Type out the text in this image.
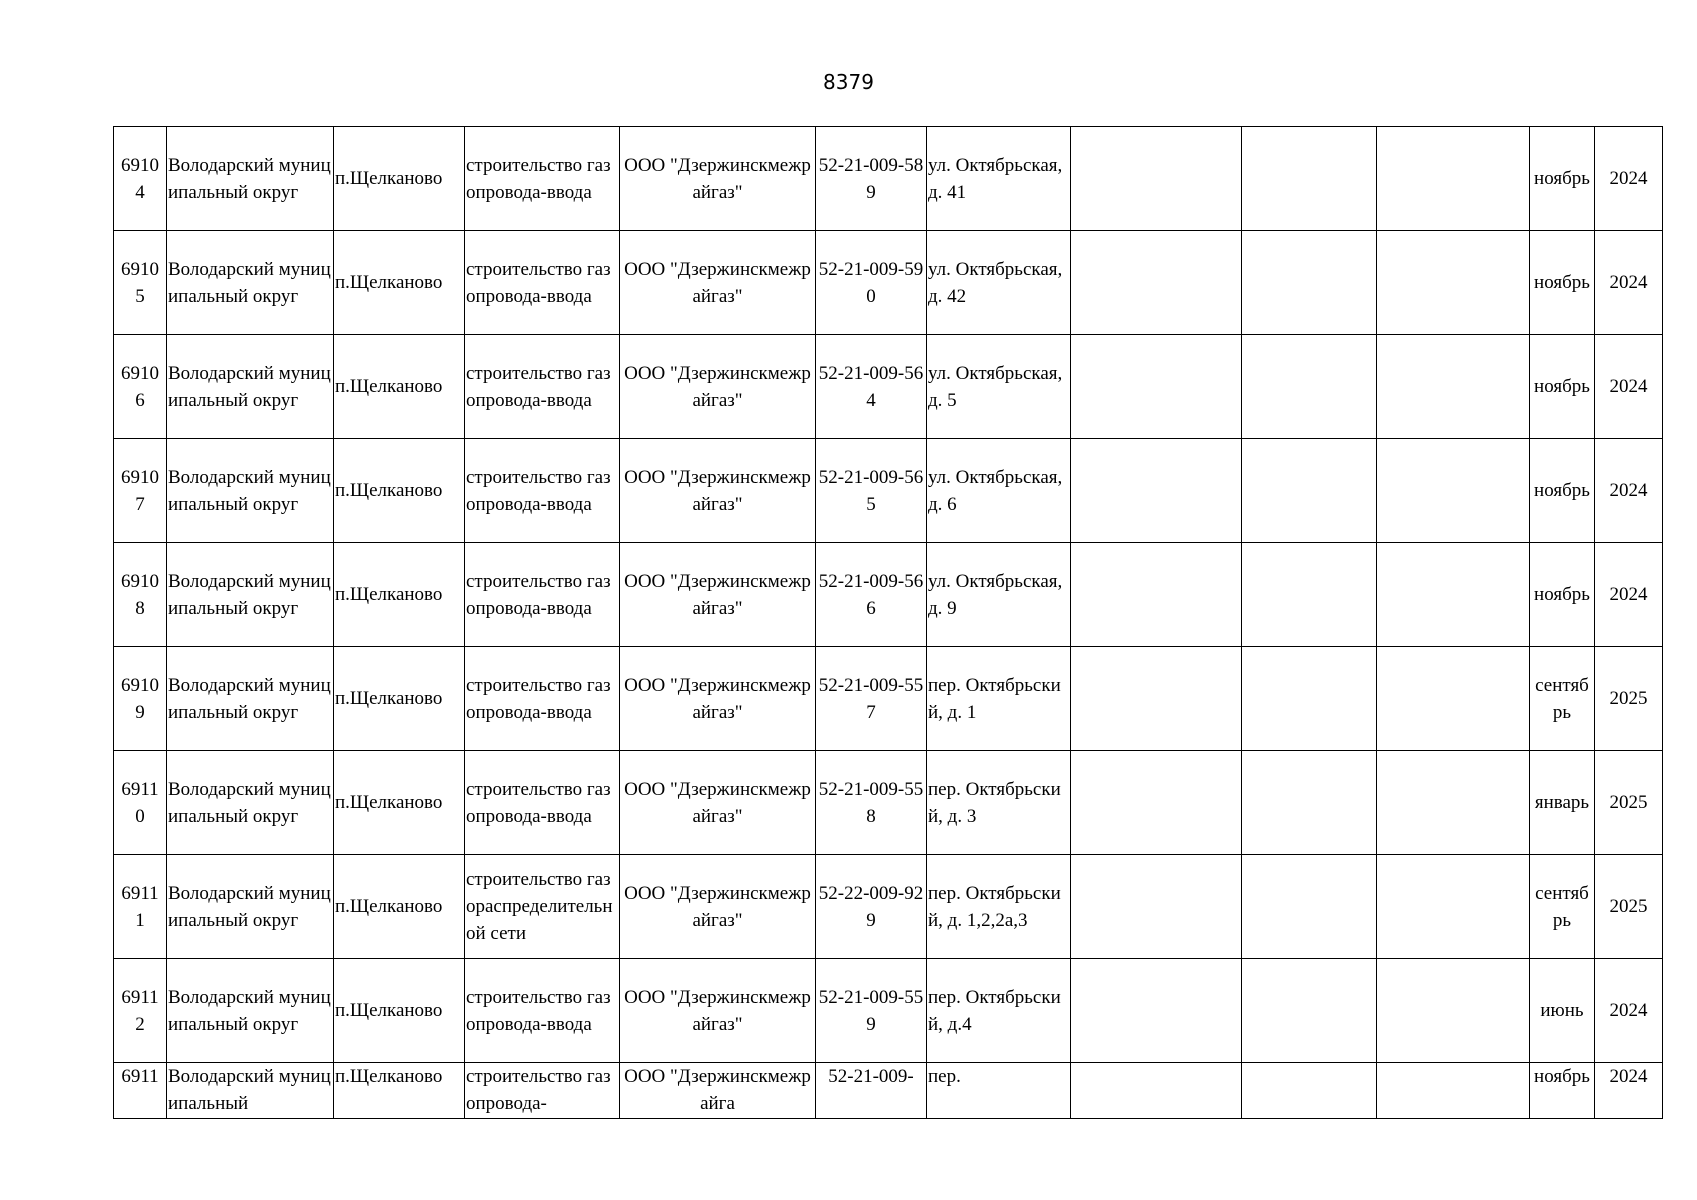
8379
6910 4	Володарский муниципальный округ	п.Щелканово	строительство газопровода-ввода	ООО "Дзержинскмежрайгаз"	52-21-009-589	ул. Октябрьская, д. 41				ноябрь	2024
6910 5	Володарский муниципальный округ	п.Щелканово	строительство газопровода-ввода	ООО "Дзержинскмежрайгаз"	52-21-009-590	ул. Октябрьская, д. 42				ноябрь	2024
6910 6	Володарский муниципальный округ	п.Щелканово	строительство газопровода-ввода	ООО "Дзержинскмежрайгаз"	52-21-009-564	ул. Октябрьская, д. 5				ноябрь	2024
6910 7	Володарский муниципальный округ	п.Щелканово	строительство газопровода-ввода	ООО "Дзержинскмежрайгаз"	52-21-009-565	ул. Октябрьская, д. 6				ноябрь	2024
6910 8	Володарский муниципальный округ	п.Щелканово	строительство газопровода-ввода	ООО "Дзержинскмежрайгаз"	52-21-009-566	ул. Октябрьская, д. 9				ноябрь	2024
6910 9	Володарский муниципальный округ	п.Щелканово	строительство газопровода-ввода	ООО "Дзержинскмежрайгаз"	52-21-009-557	пер. Октябрьский, д. 1				сентябрь	2025
6911 0	Володарский муниципальный округ	п.Щелканово	строительство газопровода-ввода	ООО "Дзержинскмежрайгаз"	52-21-009-558	пер. Октябрьский, д. 3				январь	2025
6911 1	Володарский муниципальный округ	п.Щелканово	строительство газораспределительной сети	ООО "Дзержинскмежрайгаз"	52-22-009-929	пер. Октябрьский, д. 1,2,2а,3				сентябрь	2025
6911 2	Володарский муниципальный округ	п.Щелканово	строительство газопровода-ввода	ООО "Дзержинскмежрайгаз"	52-21-009-559	пер. Октябрьский, д.4				июнь	2024
6911	Володарский муниципальный	п.Щелканово	строительство газопровода-	ООО "Дзержинскмежрайга	52-21-009-	пер.				ноябрь	2024
